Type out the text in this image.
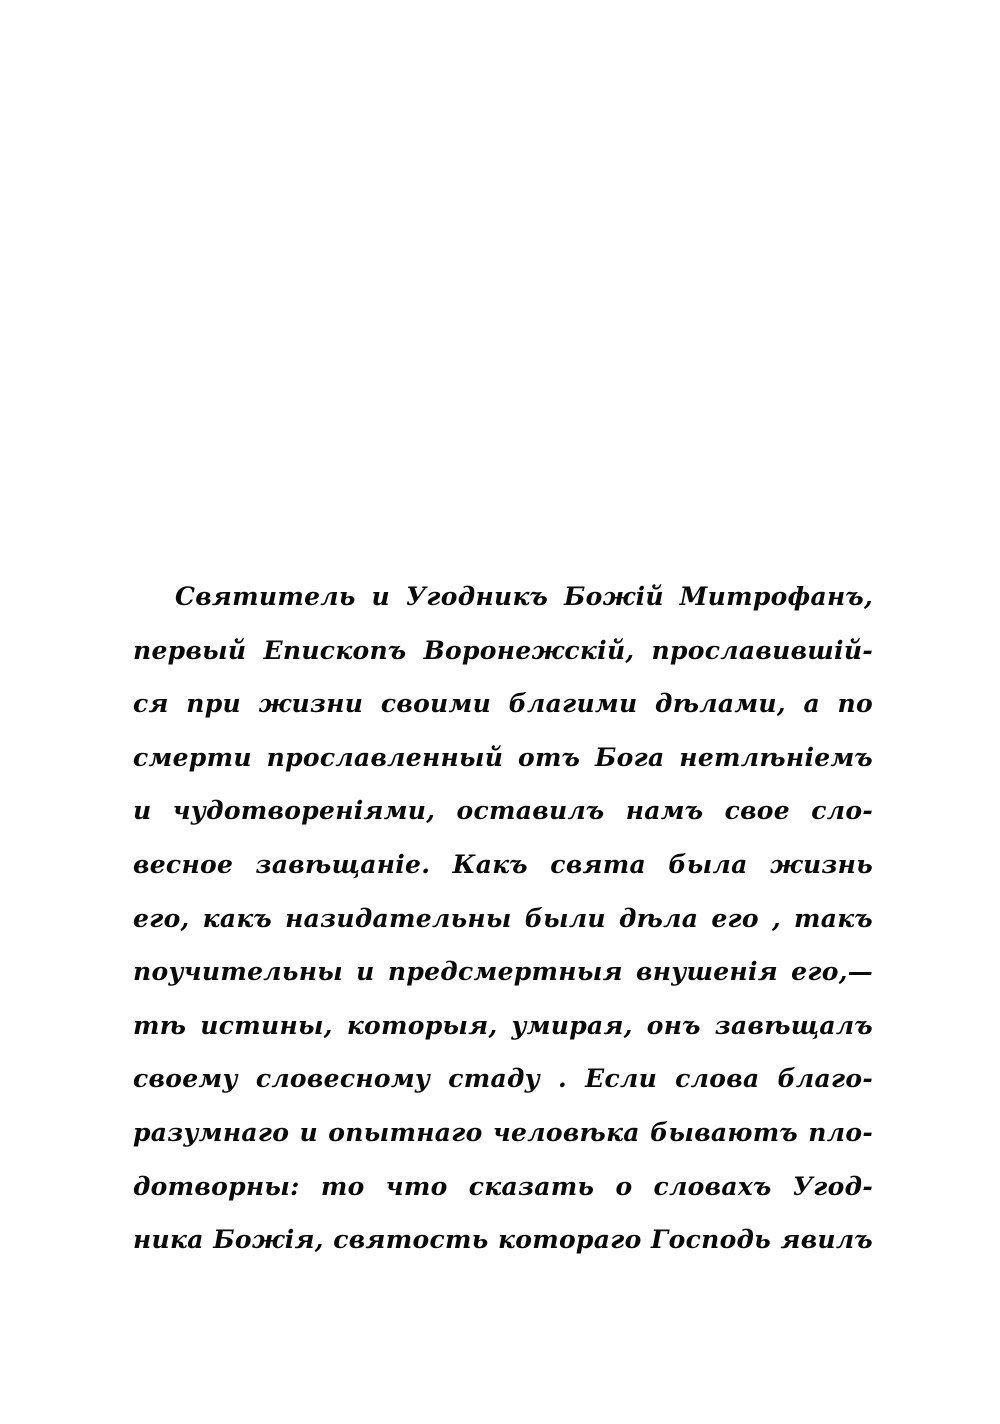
Святитель и Угодникъ Божій Митрофанъ,
первый Епископъ Воронежскій, прославившій-
ся при жизни своими благими дѣлами, а по
смерти прославленный отъ Бога нетлѣніемъ
и чудотвореніями, оставилъ намъ свое сло-
весное завѣщаніе. Какъ свята была жизнь
его, какъ назидательны были дѣла его , такъ
поучительны и предсмертныя внушенія его,—
тѣ истины, которыя, умирая, онъ завѣщалъ
своему словесному стаду . Если слова благо-
разумнаго и опытнаго человѣка бываютъ пло-
дотворны: то что сказать о словахъ Угод-
ника Божія, святость котораго Господь явилъ
